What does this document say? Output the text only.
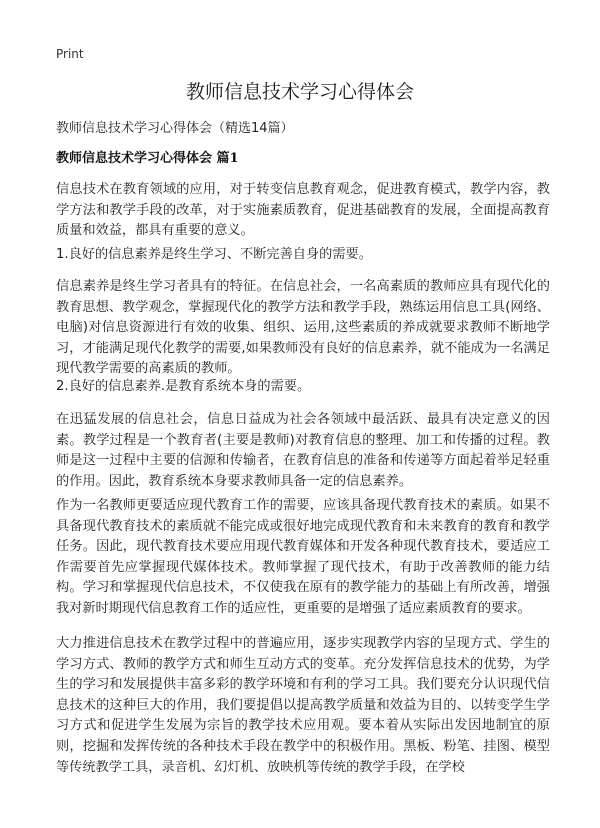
Print
教师信息技术学习心得体会

教师信息技术学习心得体会（精选14篇）

教师信息技术学习心得体会 篇1

信息技术在教育领域的应用，对于转变信息教育观念，促进教育模式，教学内容，教学方法和教学手段的改革，对于实施素质教育，促进基础教育的发展，全面提高教育质量和效益，都具有重要的意义。

1.良好的信息素养是终生学习、不断完善自身的需要。

信息素养是终生学习者具有的特征。在信息社会，一名高素质的教师应具有现代化的教育思想、教学观念，掌握现代化的教学方法和教学手段，熟练运用信息工具(网络、电脑)对信息资源进行有效的收集、组织、运用,这些素质的养成就要求教师不断地学习，才能满足现代化教学的需要,如果教师没有良好的信息素养，就不能成为一名满足现代教学需要的高素质的教师。

2.良好的信息素养.是教育系统本身的需要。

在迅猛发展的信息社会，信息日益成为社会各领域中最活跃、最具有决定意义的因素。教学过程是一个教育者(主要是教师)对教育信息的整理、加工和传播的过程。教师是这一过程中主要的信源和传输者，在教育信息的准备和传递等方面起着举足轻重的作用。因此，教育系统本身要求教师具备一定的信息素养。

作为一名教师更要适应现代教育工作的需要，应该具备现代教育技术的素质。如果不具备现代教育技术的素质就不能完成或很好地完成现代教育和未来教育的教育和教学任务。因此，现代教育技术要应用现代教育媒体和开发各种现代教育技术，要适应工作需要首先应掌握现代媒体技术。教师掌握了现代技术，有助于改善教师的能力结构。学习和掌握现代信息技术，不仅使我在原有的教学能力的基础上有所改善，增强我对新时期现代信息教育工作的适应性，更重要的是增强了适应素质教育的要求。

大力推进信息技术在教学过程中的普遍应用，逐步实现教学内容的呈现方式、学生的学习方式、教师的教学方式和师生互动方式的变革。充分发挥信息技术的优势，为学生的学习和发展提供丰富多彩的教学环境和有利的学习工具。我们要充分认识现代信息技术的这种巨大的作用，我们要提倡以提高教学质量和效益为目的、以转变学生学习方式和促进学生发展为宗旨的教学技术应用观。要本着从实际出发因地制宜的原则，挖掘和发挥传统的各种技术手段在教学中的积极作用。黑板、粉笔、挂图、模型等传统教学工具，录音机、幻灯机、放映机等传统的教学手段，在学校
